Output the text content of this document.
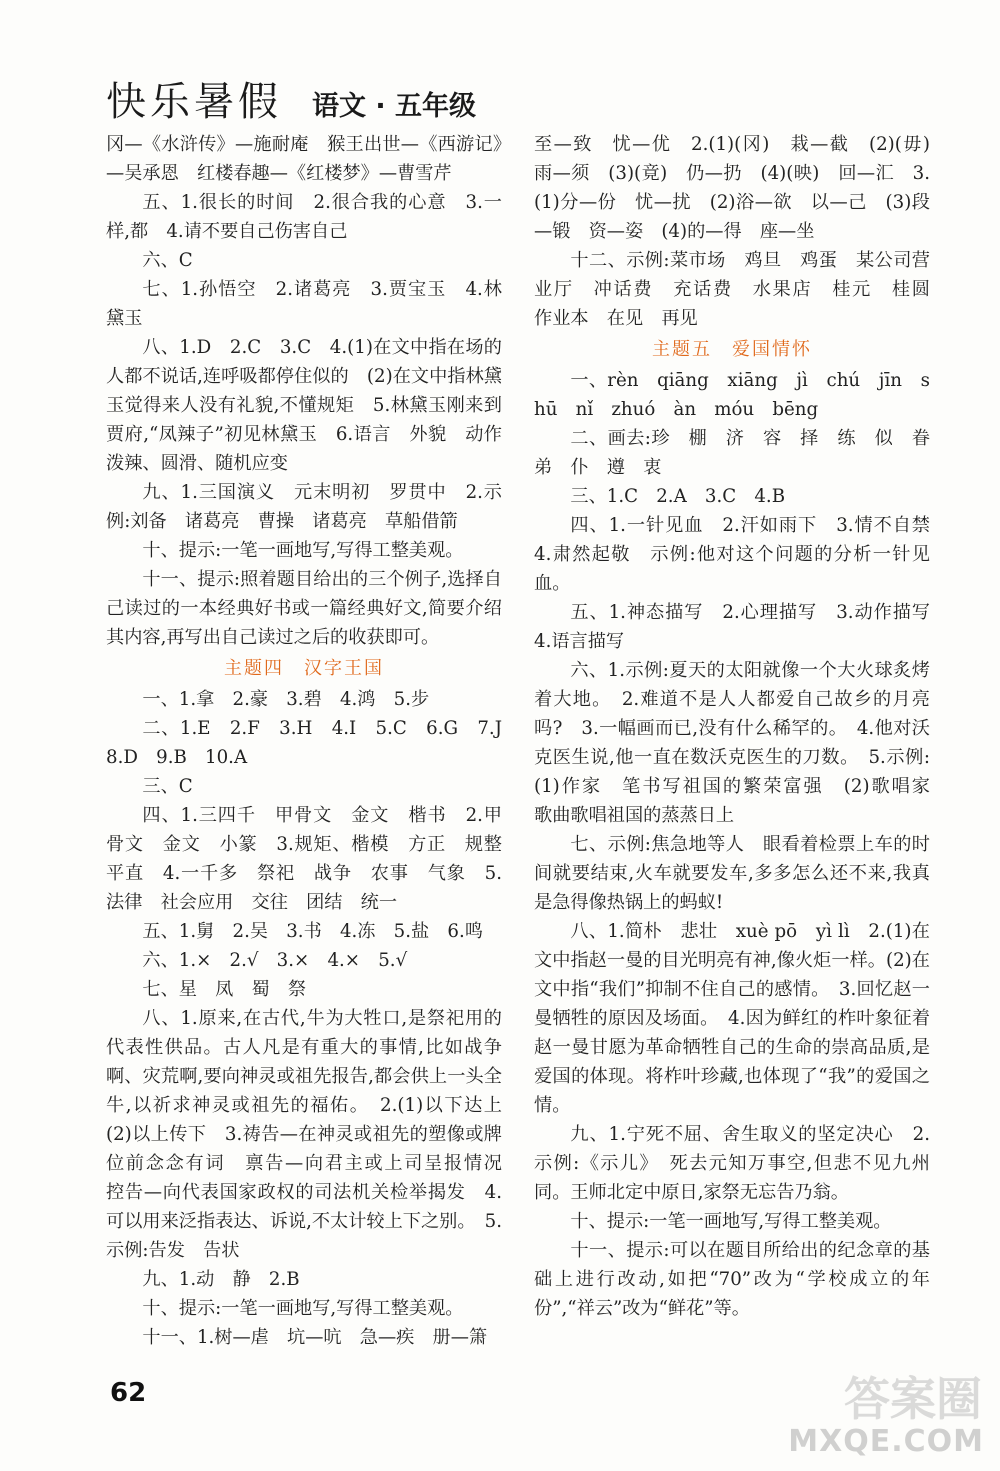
快乐暑假 语文 · 五年级

冈—《水浒传》—施耐庵　猴王出世—《西游记》—吴承恩　红楼春趣—《红楼梦》—曹雪芹

五、1.很长的时间　2.很合我的心意　3.一样,都　4.请不要自己伤害自己

六、C

七、1.孙悟空　2.诸葛亮　3.贾宝玉　4.林黛玉

八、1.D　2.C　3.C　4.(1)在文中指在场的人都不说话,连呼吸都停住似的　(2)在文中指林黛玉觉得来人没有礼貌,不懂规矩　5.林黛玉刚来到贾府,“凤辣子”初见林黛玉　6.语言　外貌　动作　泼辣、圆滑、随机应变

九、1.三国演义　元末明初　罗贯中　2.示例:刘备　诸葛亮　曹操　诸葛亮　草船借箭

十、提示:一笔一画地写,写得工整美观。

十一、提示:照着题目给出的三个例子,选择自己读过的一本经典好书或一篇经典好文,简要介绍其内容,再写出自己读过之后的收获即可。

主题四　汉字王国

一、1.拿　2.豪　3.碧　4.鸿　5.步

二、1.E　2.F　3.H　4.I　5.C　6.G　7.J　8.D　9.B　10.A

三、C

四、1.三四千　甲骨文　金文　楷书　2.甲骨文　金文　小篆　3.规矩、楷模　方正　规整平直　4.一千多　祭祀　战争　农事　气象　5.法律　社会应用　交往　团结　统一

五、1.舅　2.吴　3.书　4.冻　5.盐　6.鸣

六、1.×　2.√　3.×　4.×　5.√

七、星　凤　蜀　祭

八、1.原来,在古代,牛为大牲口,是祭祀用的代表性供品。古人凡是有重大的事情,比如战争啊、灾荒啊,要向神灵或祖先报告,都会供上一头全牛,以祈求神灵或祖先的福佑。　2.(1)以下达上　(2)以上传下　3.祷告—在神灵或祖先的塑像或牌位前念念有词　禀告—向君主或上司呈报情况　控告—向代表国家政权的司法机关检举揭发　4.可以用来泛指表达、诉说,不太计较上下之别。　5.示例:告发　告状

九、1.动　静　2.B

十、提示:一笔一画地写,写得工整美观。

十一、1.树—虐　坑—吭　急—疾　册—箫

至—致　忧—优　2.(1)(冈)　栽—截　(2)(毋)　雨—须　(3)(竟)　仍—扔　(4)(映)　回—汇　3.(1)分—份　忧—扰　(2)浴—欲　以—己　(3)段—锻　资—姿　(4)的—得　座—坐

十二、示例:菜市场　鸡旦　鸡蛋　某公司营业厅　冲话费　充话费　水果店　桂元　桂圆　作业本　在见　再见

主题五　爱国情怀

一、rèn　qiāng　xiāng　jì　chú　jīn　shū　nǐ　zhuó　àn　móu　bēng

二、画去:珍　棚　济　容　择　练　似　眷　弟　仆　遵　衷

三、1.C　2.A　3.C　4.B

四、1.一针见血　2.汗如雨下　3.情不自禁　4.肃然起敬　示例:他对这个问题的分析一针见血。

五、1.神态描写　2.心理描写　3.动作描写　4.语言描写

六、1.示例:夏天的太阳就像一个大火球炙烤着大地。　2.难道不是人人都爱自己故乡的月亮吗?　3.一幅画而已,没有什么稀罕的。　4.他对沃克医生说,他一直在数沃克医生的刀数。　5.示例:(1)作家　笔书写祖国的繁荣富强　(2)歌唱家　歌曲歌唱祖国的蒸蒸日上

七、示例:焦急地等人　眼看着检票上车的时间就要结束,火车就要发车,多多怎么还不来,我真是急得像热锅上的蚂蚁!

八、1.简朴　悲壮　xuè pō　yì lì　2.(1)在文中指赵一曼的目光明亮有神,像火炬一样。(2)在文中指“我们”抑制不住自己的感情。　3.回忆赵一曼牺牲的原因及场面。　4.因为鲜红的柞叶象征着赵一曼甘愿为革命牺牲自己的生命的崇高品质,是爱国的体现。将柞叶珍藏,也体现了“我”的爱国之情。

九、1.宁死不屈、舍生取义的坚定决心　2.示例:《示儿》　死去元知万事空,但悲不见九州同。王师北定中原日,家祭无忘告乃翁。

十、提示:一笔一画地写,写得工整美观。

十一、提示:可以在题目所给出的纪念章的基础上进行改动,如把“70”改为“学校成立的年份”,“祥云”改为“鲜花”等。

62	答案圈
MXQE.COM
